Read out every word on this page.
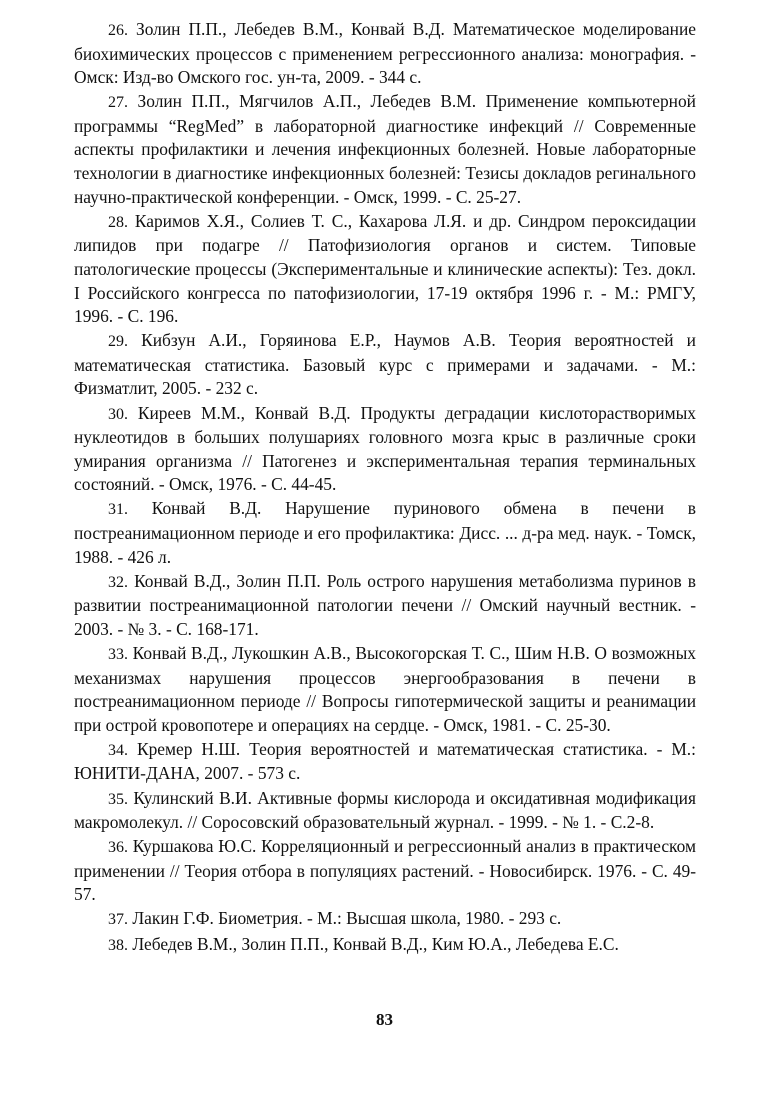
26. Золин П.П., Лебедев В.М., Конвай В.Д. Математическое моделирование биохимических процессов с применением регрессионного анализа: монография. - Омск: Изд-во Омского гос. ун-та, 2009. - 344 с.

27. Золин П.П., Мягчилов А.П., Лебедев В.М. Применение компьютерной программы “RegMed” в лабораторной диагностике инфекций // Современные аспекты профилактики и лечения инфекционных болезней. Новые лабораторные технологии в диагностике инфекционных болезней: Тезисы докладов регинального научно-практической конференции. - Омск, 1999. - С. 25-27.

28. Каримов Х.Я., Солиев Т. С., Кахарова Л.Я. и др. Синдром пероксидации липидов при подагре // Патофизиология органов и систем. Типовые патологические процессы (Экспериментальные и клинические аспекты): Тез. докл. I Российского конгресса по патофизиологии, 17-19 октября 1996 г. - М.: РМГУ, 1996. - С. 196.

29. Кибзун А.И., Горяинова Е.Р., Наумов А.В. Теория вероятностей и математическая статистика. Базовый курс с примерами и задачами. - М.: Физматлит, 2005. - 232 с.

30. Киреев М.М., Конвай В.Д. Продукты деградации кислоторастворимых нуклеотидов в больших полушариях головного мозга крыс в различные сроки умирания организма // Патогенез и экспериментальная терапия терминальных состояний. - Омск, 1976. - С. 44-45.

31. Конвай В.Д. Нарушение пуринового обмена в печени в постреанимационном периоде и его профилактика: Дисс. ... д-ра мед. наук. - Томск, 1988. - 426 л.

32. Конвай В.Д., Золин П.П. Роль острого нарушения метаболизма пуринов в развитии постреанимационной патологии печени // Омский научный вестник. - 2003. - № 3. - С. 168-171.

33. Конвай В.Д., Лукошкин А.В., Высокогорская Т. С., Шим Н.В. О возможных механизмах нарушения процессов энергообразования в печени в постреанимационном периоде // Вопросы гипотермической защиты и реанимации при острой кровопотере и операциях на сердце. - Омск, 1981. - С. 25-30.

34. Кремер Н.Ш. Теория вероятностей и математическая статистика. - М.: ЮНИТИ-ДАНА, 2007. - 573 с.

35. Кулинский В.И. Активные формы кислорода и оксидативная модификация макромолекул. // Соросовский образовательный журнал. - 1999. - № 1. - С.2-8.

36. Куршакова Ю.С. Корреляционный и регрессионный анализ в практическом применении // Теория отбора в популяциях растений. - Новосибирск. 1976. - С. 49-57.

37. Лакин Г.Ф. Биометрия. - М.: Высшая школа, 1980. - 293 с.

38. Лебедев В.М., Золин П.П., Конвай В.Д., Ким Ю.А., Лебедева Е.С.

83
